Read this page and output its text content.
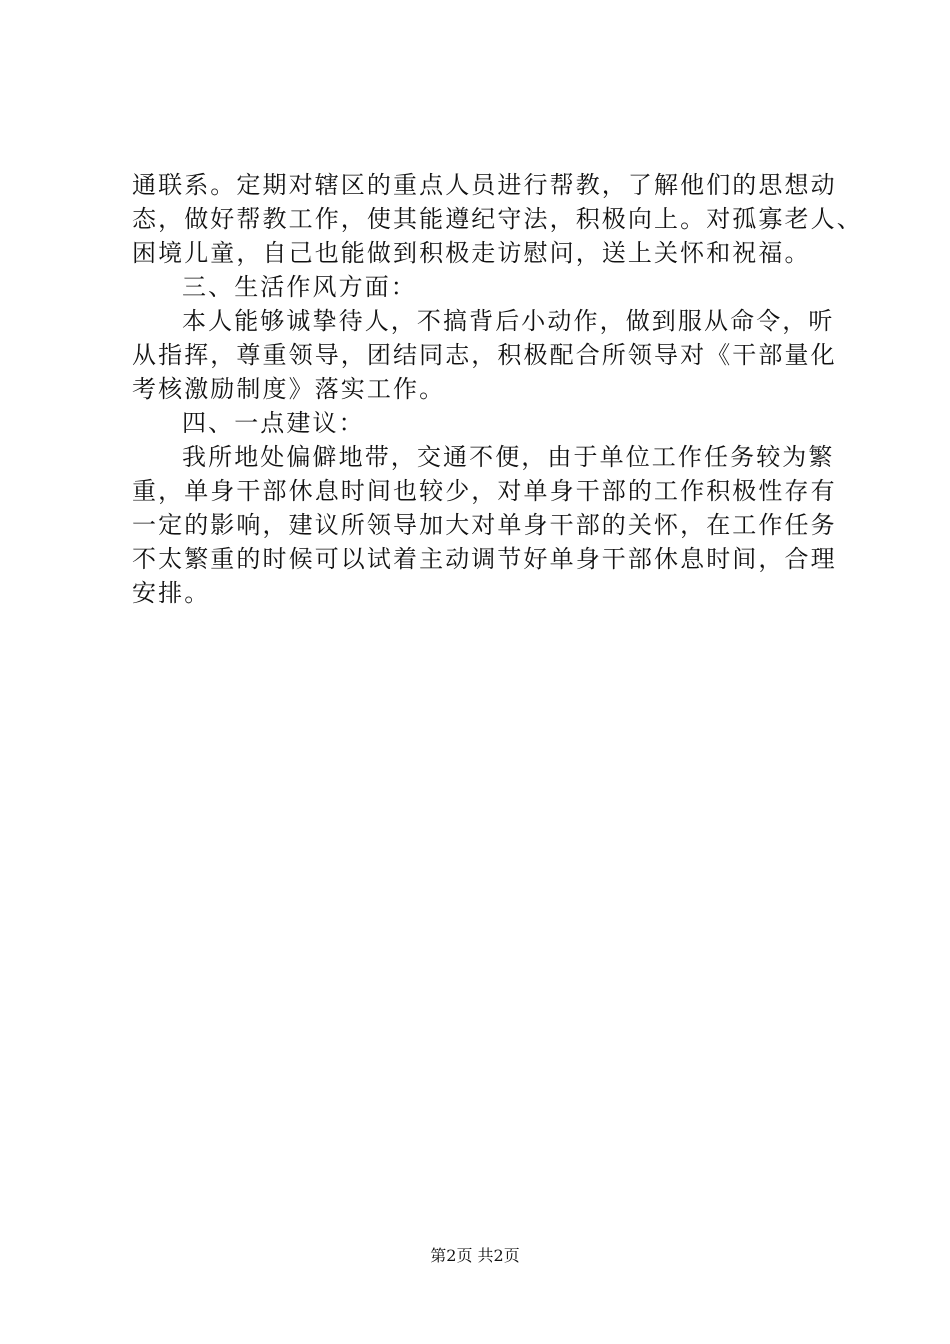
通联系。定期对辖区的重点人员进行帮教，了解他们的思想动
态，做好帮教工作，使其能遵纪守法，积极向上。对孤寡老人、
困境儿童，自己也能做到积极走访慰问，送上关怀和祝福。
三、生活作风方面：
本人能够诚挚待人，不搞背后小动作，做到服从命令，听
从指挥，尊重领导，团结同志，积极配合所领导对《干部量化
考核激励制度》落实工作。
四、一点建议：
我所地处偏僻地带，交通不便，由于单位工作任务较为繁
重，单身干部休息时间也较少，对单身干部的工作积极性存有
一定的影响，建议所领导加大对单身干部的关怀，在工作任务
不太繁重的时候可以试着主动调节好单身干部休息时间，合理
安排。
第2页 共2页
